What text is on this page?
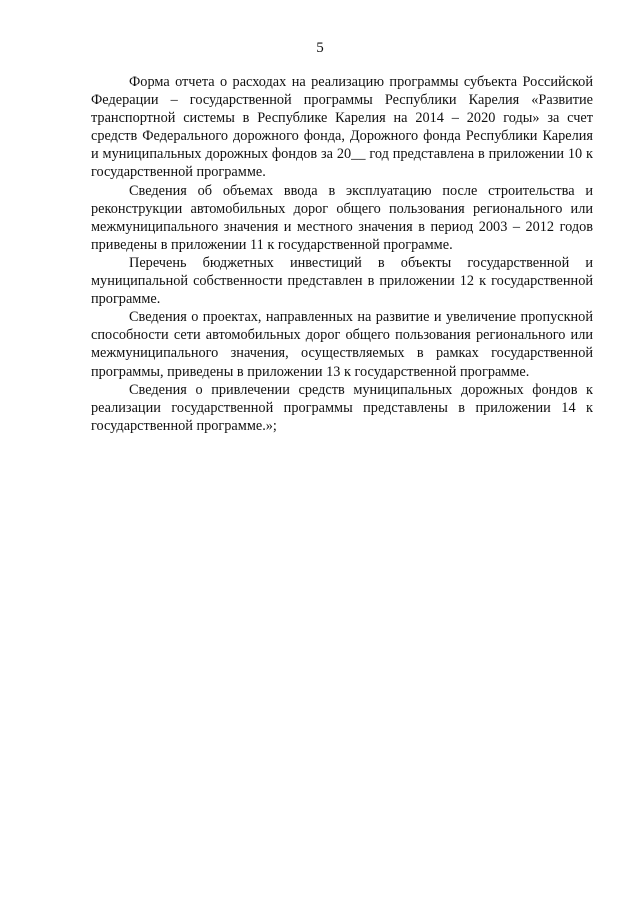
5

Форма отчета о расходах на реализацию программы субъекта Российской Федерации – государственной программы Республики Карелия «Развитие транспортной системы в Республике Карелия на 2014 – 2020 годы» за счет средств Федерального дорожного фонда, Дорожного фонда Республики Карелия и муниципальных дорожных фондов за 20__ год представлена в приложении 10 к государственной программе.

Сведения об объемах ввода в эксплуатацию после строительства и реконструкции автомобильных дорог общего пользования регионального или межмуниципального значения и местного значения в период 2003 – 2012 годов приведены в приложении 11 к государственной программе.

Перечень бюджетных инвестиций в объекты государственной и муниципальной собственности представлен в приложении 12 к государственной программе.

Сведения о проектах, направленных на развитие и увеличение пропускной способности сети автомобильных дорог общего пользования регионального или межмуниципального значения, осуществляемых в рамках государственной программы, приведены в приложении 13 к государственной программе.

Сведения о привлечении средств муниципальных дорожных фондов к реализации государственной программы представлены в приложении 14 к государственной программе.»;
